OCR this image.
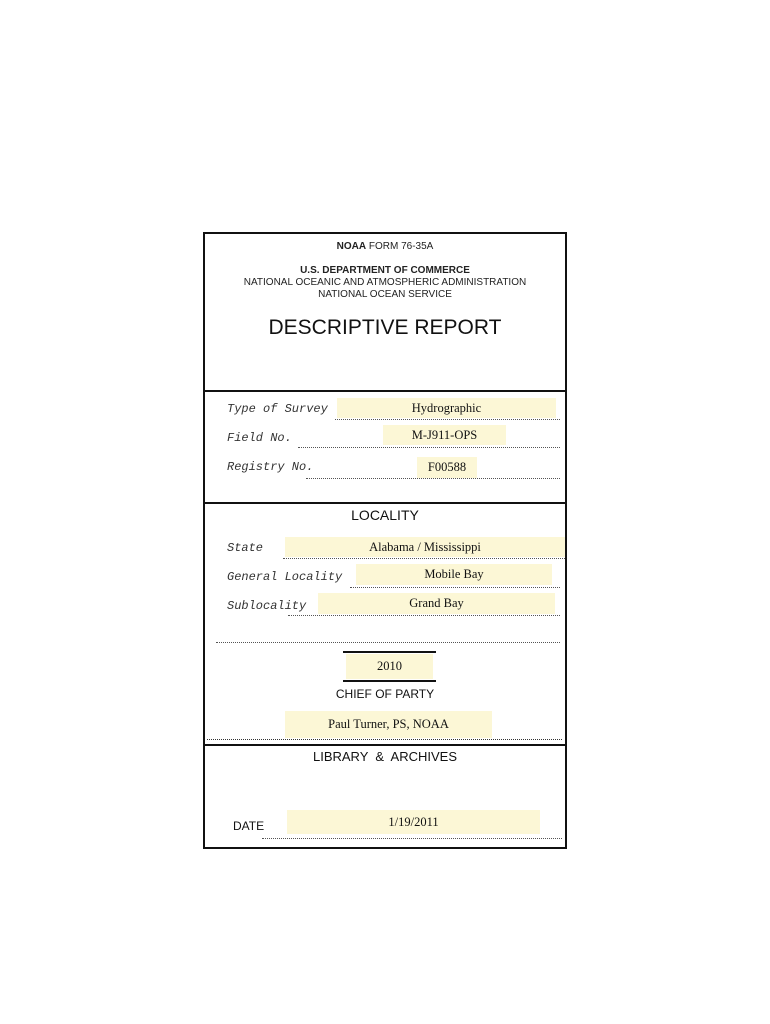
NOAA FORM 76-35A
U.S. DEPARTMENT OF COMMERCE
NATIONAL OCEANIC AND ATMOSPHERIC ADMINISTRATION
NATIONAL OCEAN SERVICE
DESCRIPTIVE REPORT
Type of Survey	Hydrographic
Field No.	M-J911-OPS
Registry No.	F00588
LOCALITY
State	Alabama / Mississippi
General Locality	Mobile Bay
Sublocality	Grand Bay
2010
CHIEF OF PARTY
Paul Turner, PS, NOAA
LIBRARY  &  ARCHIVES
DATE	1/19/2011
